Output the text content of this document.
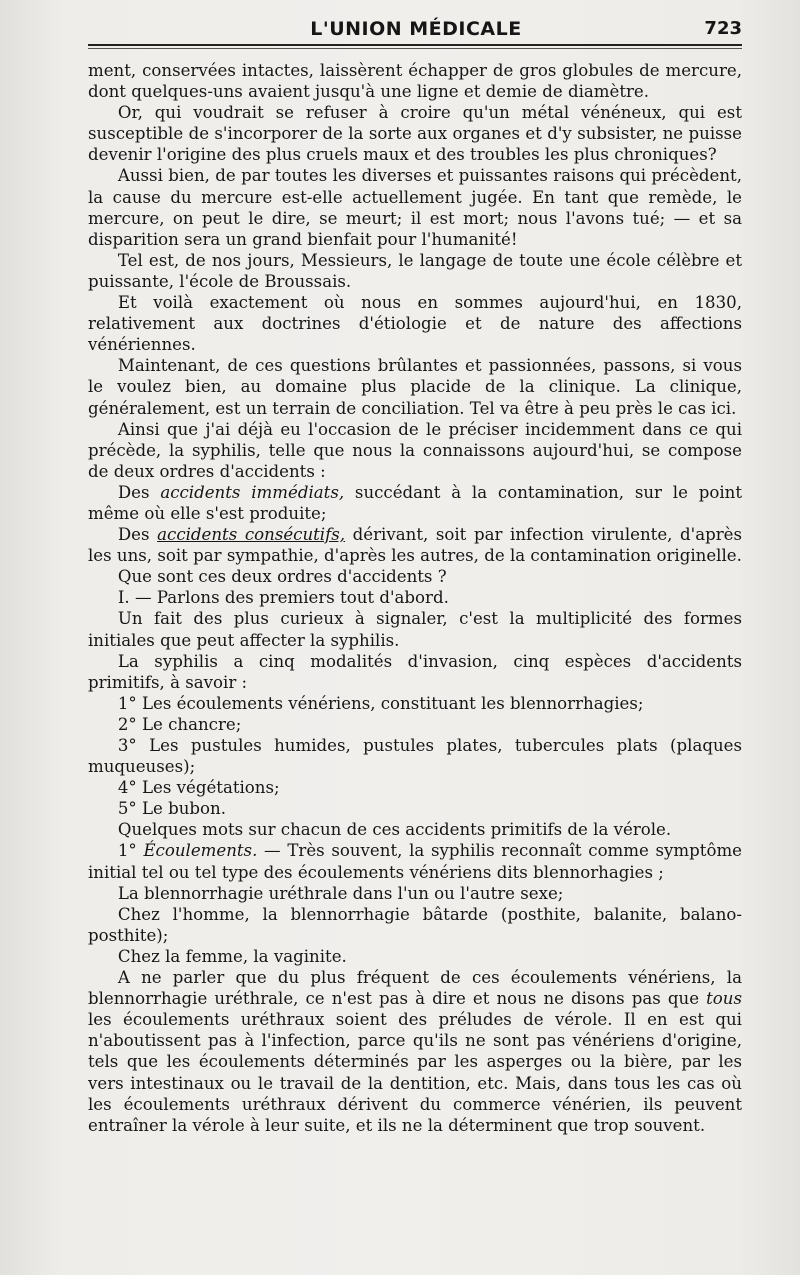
L'UNION MÉDICALE	723

ment, conservées intactes, laissèrent échapper de gros globules de mercure, dont quelques-uns avaient jusqu'à une ligne et demie de diamètre.

Or, qui voudrait se refuser à croire qu'un métal vénéneux, qui est susceptible de s'incorporer de la sorte aux organes et d'y subsister, ne puisse devenir l'origine des plus cruels maux et des troubles les plus chroniques?

Aussi bien, de par toutes les diverses et puissantes raisons qui précèdent, la cause du mercure est-elle actuellement jugée. En tant que remède, le mercure, on peut le dire, se meurt; il est mort; nous l'avons tué; — et sa disparition sera un grand bienfait pour l'humanité!

Tel est, de nos jours, Messieurs, le langage de toute une école célèbre et puissante, l'école de Broussais.

Et voilà exactement où nous en sommes aujourd'hui, en 1830, relativement aux doctrines d'étiologie et de nature des affections vénériennes.

Maintenant, de ces questions brûlantes et passionnées, passons, si vous le voulez bien, au domaine plus placide de la clinique. La clinique, généralement, est un terrain de conciliation. Tel va être à peu près le cas ici.

Ainsi que j'ai déjà eu l'occasion de le préciser incidemment dans ce qui précède, la syphilis, telle que nous la connaissons aujourd'hui, se compose de deux ordres d'accidents :

Des accidents immédiats, succédant à la contamination, sur le point même où elle s'est produite;

Des accidents consécutifs, dérivant, soit par infection virulente, d'après les uns, soit par sympathie, d'après les autres, de la contamination originelle.

Que sont ces deux ordres d'accidents ?

I. — Parlons des premiers tout d'abord.

Un fait des plus curieux à signaler, c'est la multiplicité des formes initiales que peut affecter la syphilis.

La syphilis a cinq modalités d'invasion, cinq espèces d'accidents primitifs, à savoir :

1° Les écoulements vénériens, constituant les blennorrhagies;

2° Le chancre;

3° Les pustules humides, pustules plates, tubercules plats (plaques muqueuses);

4° Les végétations;

5° Le bubon.

Quelques mots sur chacun de ces accidents primitifs de la vérole.

1° Écoulements. — Très souvent, la syphilis reconnaît comme symptôme initial tel ou tel type des écoulements vénériens dits blennorhagies ;

La blennorrhagie uréthrale dans l'un ou l'autre sexe;

Chez l'homme, la blennorrhagie bâtarde (posthite, balanite, balano-posthite);

Chez la femme, la vaginite.

A ne parler que du plus fréquent de ces écoulements vénériens, la blennorrhagie uréthrale, ce n'est pas à dire et nous ne disons pas que tous les écoulements uréthraux soient des préludes de vérole. Il en est qui n'aboutissent pas à l'infection, parce qu'ils ne sont pas vénériens d'origine, tels que les écoulements déterminés par les asperges ou la bière, par les vers intestinaux ou le travail de la dentition, etc. Mais, dans tous les cas où les écoulements uréthraux dérivent du commerce vénérien, ils peuvent entraîner la vérole à leur suite, et ils ne la déterminent que trop souvent.
